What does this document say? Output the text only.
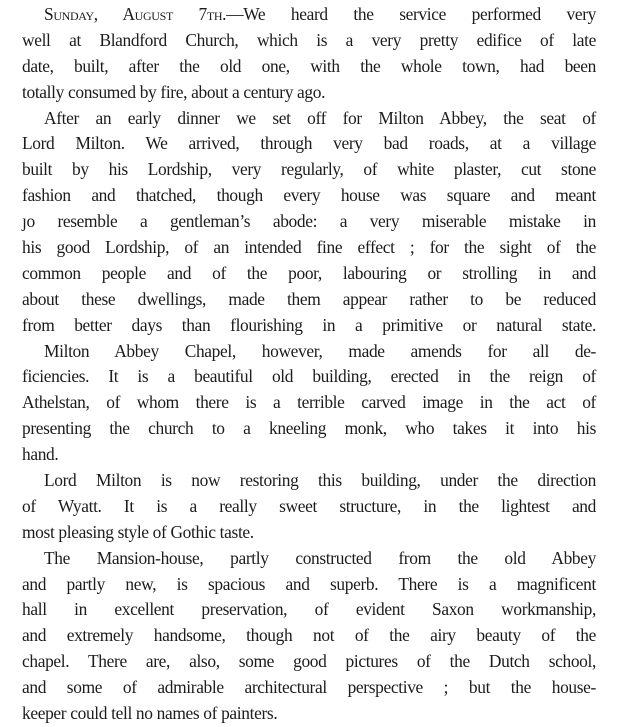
Sunday, August 7th.—We heard the service performed very
well at Blandford Church, which is a very pretty edifice of late
date, built, after the old one, with the whole town, had been
totally consumed by fire, about a century ago.
After an early dinner we set off for Milton Abbey, the seat of
Lord Milton. We arrived, through very bad roads, at a village
built by his Lordship, very regularly, of white plaster, cut stone
fashion and thatched, though every house was square and meant
ȷo resemble a gentleman’s abode: a very miserable mistake in
his good Lordship, of an intended fine effect ; for the sight of the
common people and of the poor, labouring or strolling in and
about these dwellings, made them appear rather to be reduced
from better days than flourishing in a primitive or natural state.
Milton Abbey Chapel, however, made amends for all de-
ficiencies. It is a beautiful old building, erected in the reign of
Athelstan, of whom there is a terrible carved image in the act of
presenting the church to a kneeling monk, who takes it into his
hand.
Lord Milton is now restoring this building, under the direction
of Wyatt. It is a really sweet structure, in the lightest and
most pleasing style of Gothic taste.
The Mansion-house, partly constructed from the old Abbey
and partly new, is spacious and superb. There is a magnificent
hall in excellent preservation, of evident Saxon workmanship,
and extremely handsome, though not of the airy beauty of the
chapel. There are, also, some good pictures of the Dutch school,
and some of admirable architectural perspective ; but the house-
keeper could tell no names of painters.
